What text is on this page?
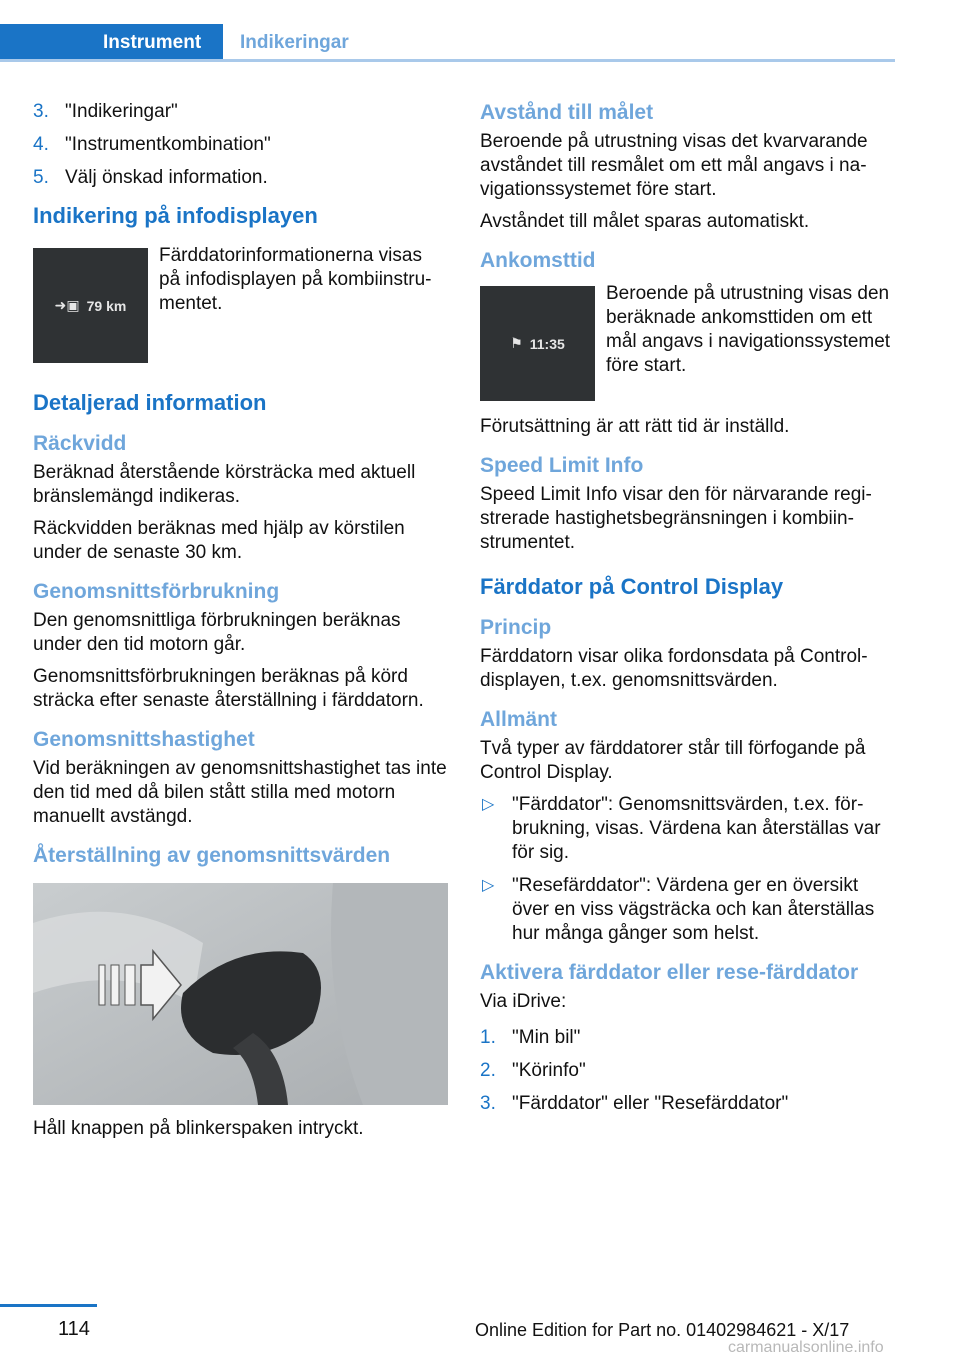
Instrument	Indikeringar
3. "Indikeringar"
4. "Instrumentkombination"
5. Välj önskad information.
Indikering på infodisplayen
➜▣ 79 km
Färddatorinformationerna visas på infodisplayen på kombiinstrumentet.
Detaljerad information
Räckvidd

Beräknad återstående körsträcka med aktuell bränslemängd indikeras.

Räckvidden beräknas med hjälp av körstilen under de senaste 30 km.

Genomsnittsförbrukning

Den genomsnittliga förbrukningen beräknas under den tid motorn går.

Genomsnittsförbrukningen beräknas på körd sträcka efter senaste återställning i färddatorn.

Genomsnittshastighet

Vid beräkningen av genomsnittshastighet tas inte den tid med då bilen stått stilla med motorn manuellt avstängd.

Återställning av genomsnittsvärden

Håll knappen på blinkerspaken intryckt.

Avstånd till målet

Beroende på utrustning visas det kvarvarande avståndet till resmålet om ett mål angavs i navigationssystemet före start.

Avståndet till målet sparas automatiskt.

Ankomsttid
⚑ 11:35
Beroende på utrustning visas den beräknade ankomsttiden om ett mål angavs i navigationssystemet före start.

Förutsättning är att rätt tid är inställd.

Speed Limit Info

Speed Limit Info visar den för närvarande registrerade hastighetsbegränsningen i kombiinstrumentet.

Färddator på Control Display
Princip

Färddatorn visar olika fordonsdata på Controldisplayen, t.ex. genomsnittsvärden.

Allmänt

Två typer av färddatorer står till förfogande på Control Display.

▷ "Färddator": Genomsnittsvärden, t.ex. förbrukning, visas. Värdena kan återställas var för sig.
▷ "Resefärddator": Värdena ger en översikt över en viss vägsträcka och kan återställas hur många gånger som helst.
Aktivera färddator eller rese-färddator

Via iDrive:

1. "Min bil"
2. "Körinfo"
3. "Färddator" eller "Resefärddator"
114	Online Edition for Part no. 01402984621 - X/17
carmanualsonline.info
